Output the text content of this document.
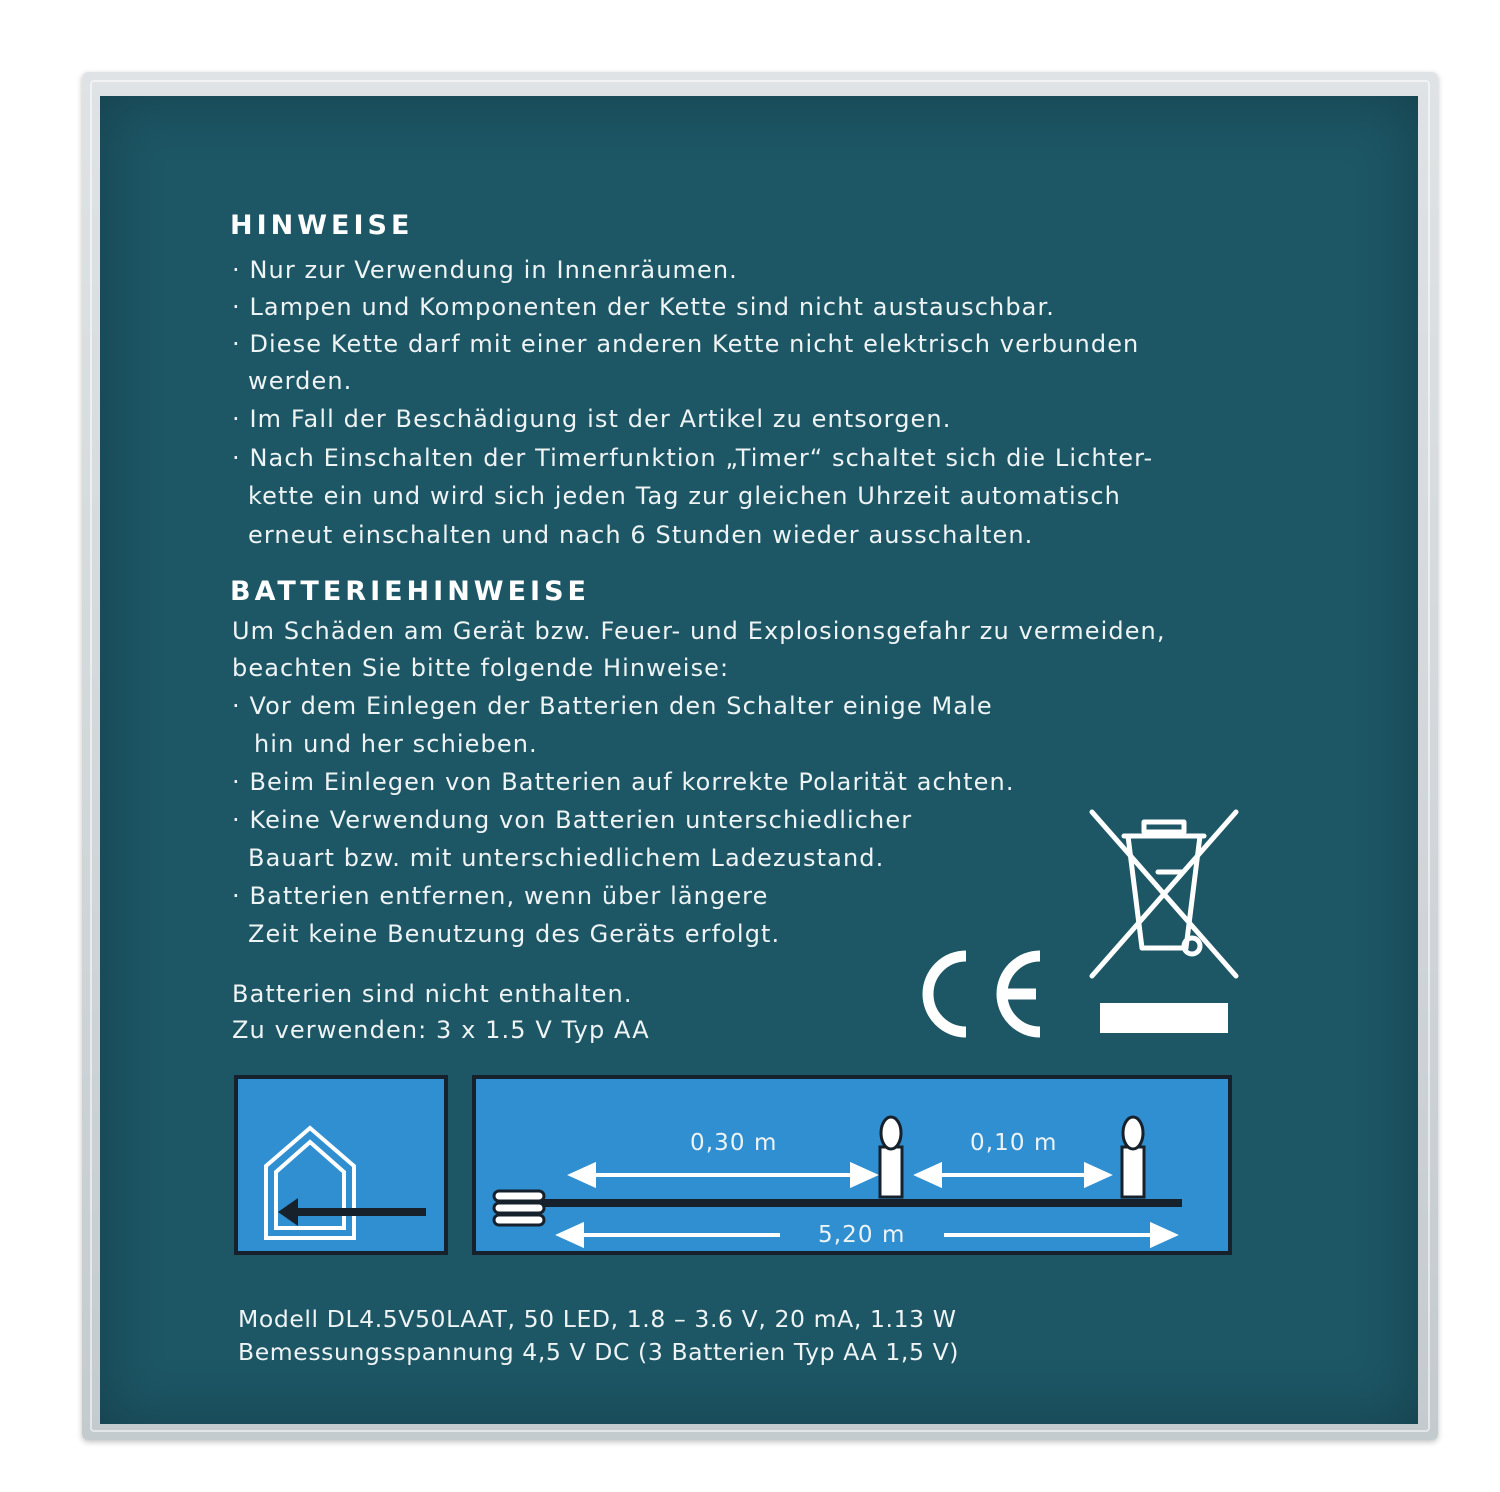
HINWEISE
· Nur zur Verwendung in Innenräumen.
· Lampen und Komponenten der Kette sind nicht austauschbar.
· Diese Kette darf mit einer anderen Kette nicht elektrisch verbunden
werden.
· Im Fall der Beschädigung ist der Artikel zu entsorgen.
· Nach Einschalten der Timerfunktion „Timer“ schaltet sich die Lichter-
kette ein und wird sich jeden Tag zur gleichen Uhrzeit automatisch
erneut einschalten und nach 6 Stunden wieder ausschalten.
BATTERIEHINWEISE
Um Schäden am Gerät bzw. Feuer- und Explosionsgefahr zu vermeiden,
beachten Sie bitte folgende Hinweise:
· Vor dem Einlegen der Batterien den Schalter einige Male
hin und her schieben.
· Beim Einlegen von Batterien auf korrekte Polarität achten.
· Keine Verwendung von Batterien unterschiedlicher
Bauart bzw. mit unterschiedlichem Ladezustand.
· Batterien entfernen, wenn über längere
Zeit keine Benutzung des Geräts erfolgt.
Batterien sind nicht enthalten.
Zu verwenden: 3 x 1.5 V Typ AA
0,30 m	0,10 m
5,20 m
Modell DL4.5V50LAAT, 50 LED, 1.8 – 3.6 V, 20 mA, 1.13 W
Bemessungsspannung 4,5 V DC (3 Batterien Typ AA 1,5 V)
